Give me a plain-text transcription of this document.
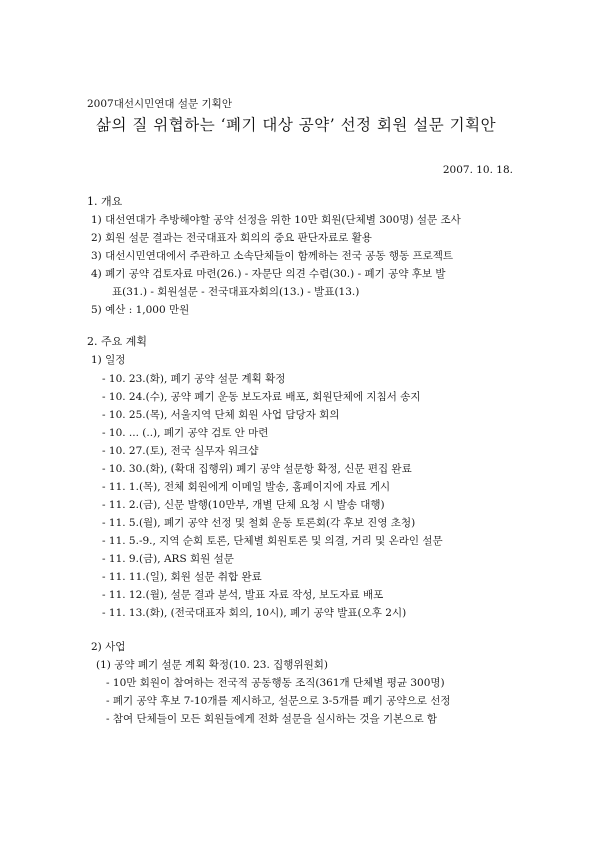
2007대선시민연대 설문 기획안
삶의 질 위협하는 ‘폐기 대상 공약’ 선정 회원 설문 기획안
2007. 10. 18.
1. 개요
1) 대선연대가 추방해야할 공약 선정을 위한 10만 회원(단체별 300명) 설문 조사
2) 회원 설문 결과는 전국대표자 회의의 중요 판단자료로 활용
3) 대선시민연대에서 주관하고 소속단체들이 함께하는 전국 공동 행동 프로젝트
4) 폐기 공약 검토자료 마련(26.) - 자문단 의견 수렴(30.) - 폐기 공약 후보 발
표(31.) - 회원설문 - 전국대표자회의(13.) - 발표(13.)
5) 예산 : 1,000 만원
2. 주요 계획
1) 일정
- 10. 23.(화), 폐기 공약 설문 계획 확정
- 10. 24.(수), 공약 폐기 운동 보도자료 배포, 회원단체에 지침서 송지
- 10. 25.(목), 서울지역 단체 회원 사업 담당자 회의
- 10. ... (..), 폐기 공약 검토 안 마련
- 10. 27.(토), 전국 실무자 워크샵
- 10. 30.(화), (확대 집행위) 폐기 공약 설문항 확정, 신문 편집 완료
- 11. 1.(목), 전체 회원에게 이메일 발송, 홈페이지에 자료 게시
- 11. 2.(금), 신문 발행(10만부, 개별 단체 요청 시 발송 대행)
- 11. 5.(월), 폐기 공약 선정 및 철회 운동 토론회(각 후보 진영 초청)
- 11. 5.-9., 지역 순회 토론, 단체별 회원토론 및 의결, 거리 및 온라인 설문
- 11. 9.(금), ARS 회원 설문
- 11. 11.(일), 회원 설문 취합 완료
- 11. 12.(월), 설문 결과 분석, 발표 자료 작성, 보도자료 배포
- 11. 13.(화), (전국대표자 회의, 10시), 폐기 공약 발표(오후 2시)
2) 사업
(1) 공약 폐기 설문 계획 확정(10. 23. 집행위원회)
- 10만 회원이 참여하는 전국적 공동행동 조직(361개 단체별 평균 300명)
- 폐기 공약 후보 7-10개를 제시하고, 설문으로 3-5개를 폐기 공약으로 선정
- 참여 단체들이 모든 회원들에게 전화 설문을 실시하는 것을 기본으로 함
